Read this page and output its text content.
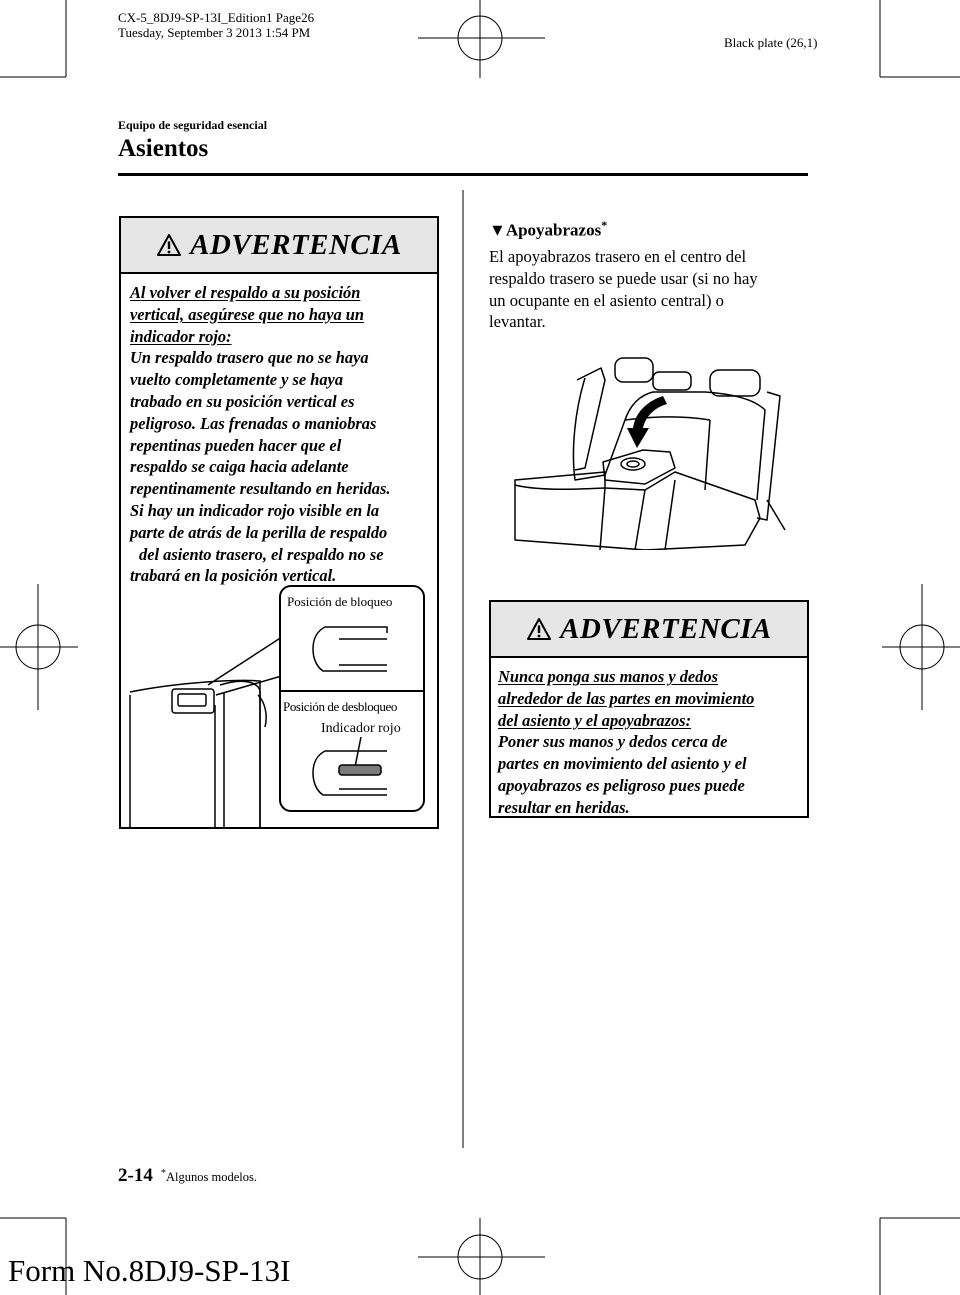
CX-5_8DJ9-SP-13I_Edition1 Page26
Tuesday, September 3 2013 1:54 PM
Black plate (26,1)
Equipo de seguridad esencial
Asientos
ADVERTENCIA
Al volver el respaldo a su posición
vertical, asegúrese que no haya un
indicador rojo:
Un respaldo trasero que no se haya
vuelto completamente y se haya
trabado en su posición vertical es
peligroso. Las frenadas o maniobras
repentinas pueden hacer que el
respaldo se caiga hacia adelante
repentinamente resultando en heridas.
Si hay un indicador rojo visible en la
parte de atrás de la perilla de respaldo
del asiento trasero, el respaldo no se
trabará en la posición vertical.
Posición de bloqueo
Posición de desbloqueo
Indicador rojo
▼Apoyabrazos*
El apoyabrazos trasero en el centro del
respaldo trasero se puede usar (si no hay
un ocupante en el asiento central) o
levantar.
ADVERTENCIA
Nunca ponga sus manos y dedos
alrededor de las partes en movimiento
del asiento y el apoyabrazos:
Poner sus manos y dedos cerca de
partes en movimiento del asiento y el
apoyabrazos es peligroso pues puede
resultar en heridas.
2-14 *Algunos modelos.
Form No.8DJ9-SP-13I
